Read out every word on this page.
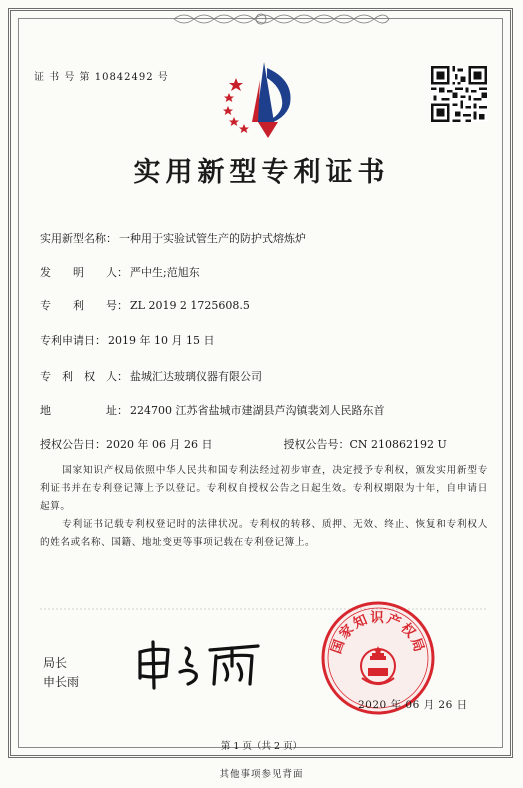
证 书 号 第 10842492 号
实用新型专利证书
实用新型名称： 一种用于实验试管生产的防护式熔炼炉
发　　明　　人： 严中生;范旭东
专　　利　　号： ZL 2019 2 1725608.5
专利申请日： 2019 年 10 月 15 日
专　利　权　人： 盐城汇达玻璃仪器有限公司
地　　　　　址： 224700 江苏省盐城市建湖县芦沟镇裴刘人民路东首
授权公告日：2020 年 06 月 26 日	授权公告号：CN 210862192 U
国家知识产权局依照中华人民共和国专利法经过初步审查，决定授予专利权，颁发实用新型专利证书并在专利登记簿上予以登记。专利权自授权公告之日起生效。专利权期限为十年，自申请日起算。
专利证书记载专利权登记时的法律状况。专利权的转移、质押、无效、终止、恢复和专利权人的姓名或名称、国籍、地址变更等事项记载在专利登记簿上。
局长
申长雨
国家知识产权局
2020 年 06 月 26 日
第 1 页（共 2 页）
其他事项参见背面
